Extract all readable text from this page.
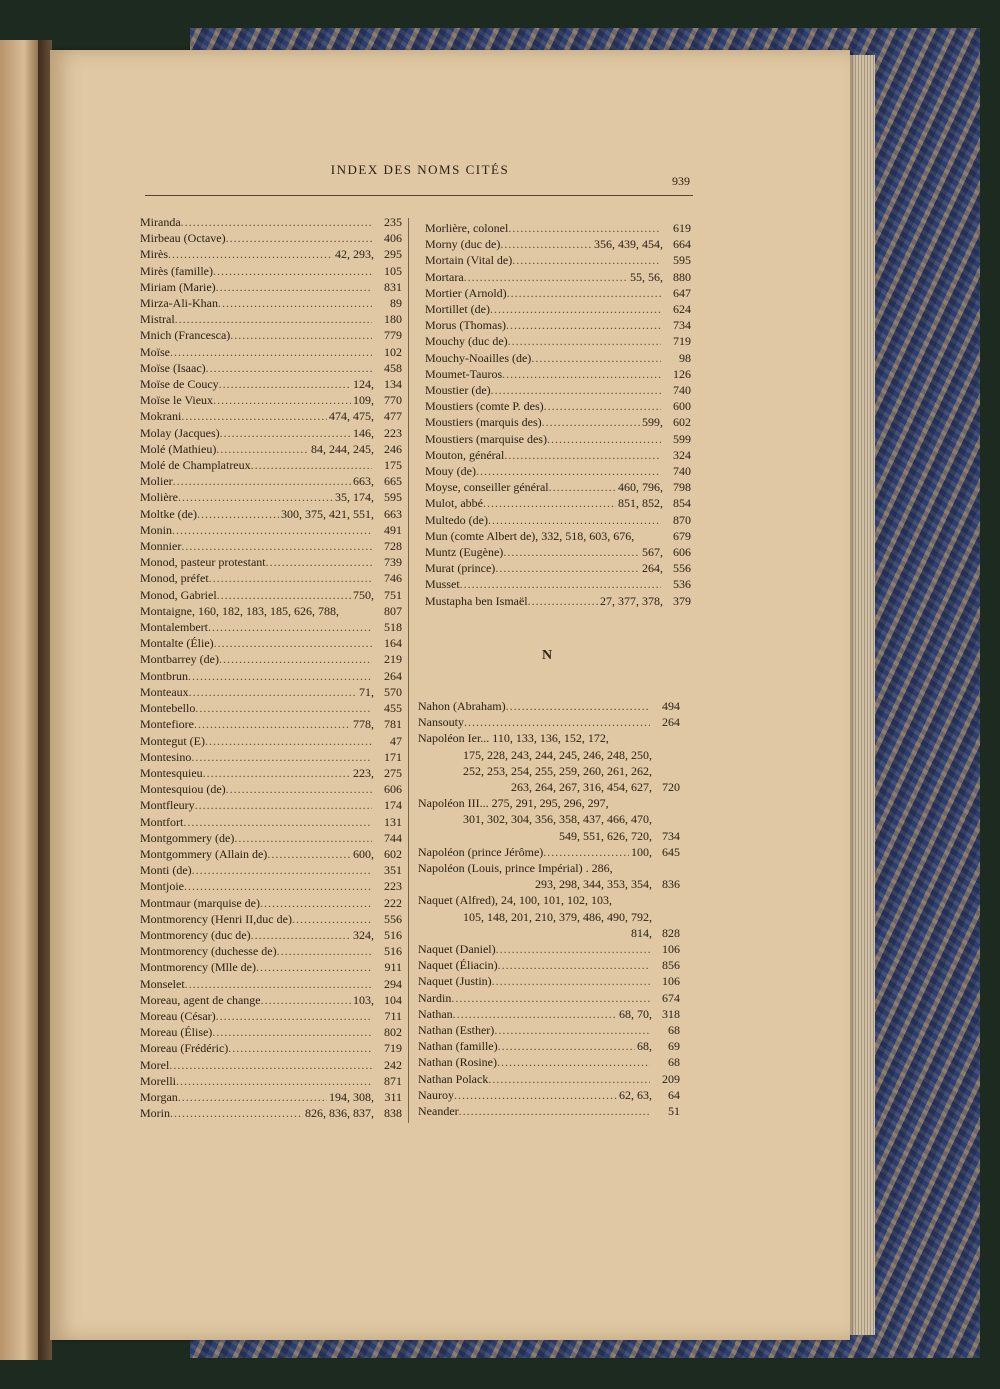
INDEX DES NOMS CITÉS
939
Miranda .....	235
Mirbeau (Octave) .....	406
Mirès .....	42, 293, 295
Mirès (famille) .....	105
Miriam (Marie) .....	831
Mirza-Ali-Khan .....	89
Mistral .....	180
Mnich (Francesca) .....	779
Moïse .....	102
Moïse (Isaac) .....	458
Moïse de Coucy .....	124, 134
Moïse le Vieux .....	109, 770
Mokrani .....	474, 475, 477
Molay (Jacques) .....	146, 223
Molé (Mathieu) .....	84, 244, 245, 246
Molé de Champlatreux .....	175
Molier .....	663, 665
Molière .....	35, 174, 595
Moltke (de) .....	300, 375, 421, 551, 663
Monin .....	491
Monnier .....	728
Monod, pasteur protestant .....	739
Monod, préfet .....	746
Monod, Gabriel .....	750, 751
Montaigne, 160, 182, 183, 185, 626, 788,	807
Montalembert .....	518
Montalte (Élie) .....	164
Montbarrey (de) .....	219
Montbrun .....	264
Monteaux .....	71, 570
Montebello .....	455
Montefiore .....	778, 781
Montegut (E) .....	47
Montesino .....	171
Montesquieu .....	223, 275
Montesquiou (de) .....	606
Montfleury .....	174
Montfort .....	131
Montgommery (de) .....	744
Montgommery (Allain de) .....	600, 602
Monti (de) .....	351
Montjoie .....	223
Montmaur (marquise de) .....	222
Montmorency (Henri II,duc de) .....	556
Montmorency (duc de) .....	324, 516
Montmorency (duchesse de) .....	516
Montmorency (Mlle de) .....	911
Monselet .....	294
Moreau, agent de change .....	103, 104
Moreau (César) .....	711
Moreau (Élise) .....	802
Moreau (Frédéric) .....	719
Morel .....	242
Morelli .....	871
Morgan .....	194, 308, 311
Morin .....	826, 836, 837, 838
Morlière, colonel .....	619
Morny (duc de) .....	356, 439, 454, 664
Mortain (Vital de) .....	595
Mortara .....	55, 56, 880
Mortier (Arnold) .....	647
Mortillet (de) .....	624
Morus (Thomas) .....	734
Mouchy (duc de) .....	719
Mouchy-Noailles (de) .....	98
Moumet-Tauros .....	126
Moustier (de) .....	740
Moustiers (comte P. des) .....	600
Moustiers (marquis des) .....	599, 602
Moustiers (marquise des) .....	599
Mouton, général .....	324
Mouy (de) .....	740
Moyse, conseiller général .....	460, 796, 798
Mulot, abbé .....	851, 852, 854
Multedo (de) .....	870
Mun (comte Albert de), 332, 518, 603, 676,	679
Muntz (Eugène) .....	567, 606
Murat (prince) .....	264, 556
Musset .....	536
Mustapha ben Ismaël .....	27, 377, 378, 379
N
Nahon (Abraham) .....	494
Nansouty .....	264
Napoléon Ier... 110, 133, 136, 152, 172,
175, 228, 243, 244, 245, 246, 248, 250,
252, 253, 254, 255, 259, 260, 261, 262,
263, 264, 267, 316, 454, 627, 720
Napoléon III... 275, 291, 295, 296, 297,
301, 302, 304, 356, 358, 437, 466, 470,
549, 551, 626, 720, 734
Napoléon (prince Jérôme) .....	100, 645
Napoléon (Louis, prince Impérial) . 286,
293, 298, 344, 353, 354, 836
Naquet (Alfred), 24, 100, 101, 102, 103,
105, 148, 201, 210, 379, 486, 490, 792,
814, 828
Naquet (Daniel) .....	106
Naquet (Éliacin) .....	856
Naquet (Justin) .....	106
Nardin .....	674
Nathan .....	68, 70, 318
Nathan (Esther) .....	68
Nathan (famille) .....	68,	69
Nathan (Rosine) .....	68
Nathan Polack .....	209
Nauroy .....	62, 63,	64
Neander .....	51
